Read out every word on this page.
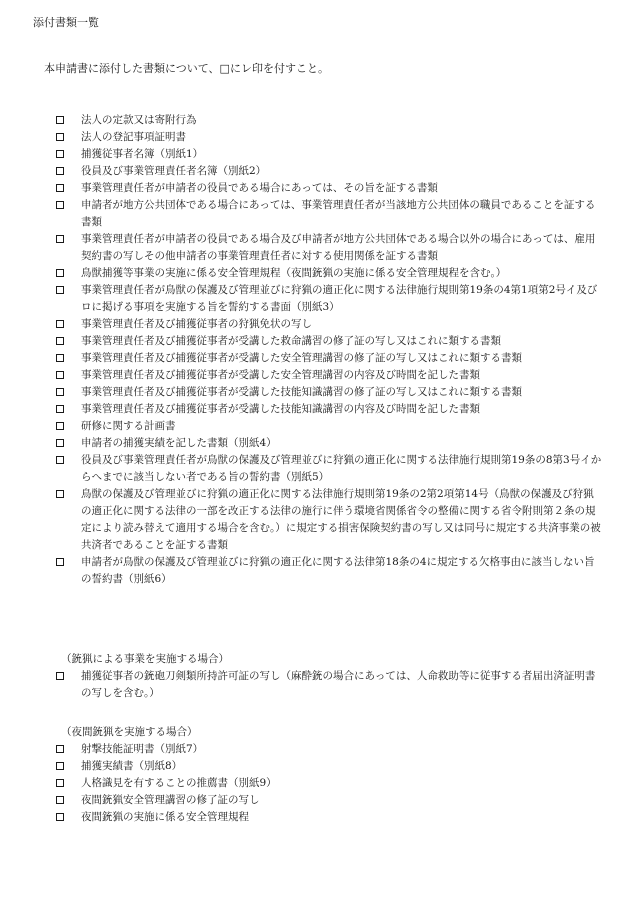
添付書類一覧
本申請書に添付した書類について、□にレ印を付すこと。
法人の定款又は寄附行為
法人の登記事項証明書
捕獲従事者名簿（別紙1）
役員及び事業管理責任者名簿（別紙2）
事業管理責任者が申請者の役員である場合にあっては、その旨を証する書類
申請者が地方公共団体である場合にあっては、事業管理責任者が当該地方公共団体の職員であることを証する書類
事業管理責任者が申請者の役員である場合及び申請者が地方公共団体である場合以外の場合にあっては、雇用契約書の写しその他申請者の事業管理責任者に対する使用関係を証する書類
鳥獣捕獲等事業の実施に係る安全管理規程（夜間銃猟の実施に係る安全管理規程を含む。）
事業管理責任者が鳥獣の保護及び管理並びに狩猟の適正化に関する法律施行規則第19条の4第1項第2号イ及びロに掲げる事項を実施する旨を誓約する書面（別紙3）
事業管理責任者及び捕獲従事者の狩猟免状の写し
事業管理責任者及び捕獲従事者が受講した救命講習の修了証の写し又はこれに類する書類
事業管理責任者及び捕獲従事者が受講した安全管理講習の修了証の写し又はこれに類する書類
事業管理責任者及び捕獲従事者が受講した安全管理講習の内容及び時間を記した書類
事業管理責任者及び捕獲従事者が受講した技能知識講習の修了証の写し又はこれに類する書類
事業管理責任者及び捕獲従事者が受講した技能知識講習の内容及び時間を記した書類
研修に関する計画書
申請者の捕獲実績を記した書類（別紙4）
役員及び事業管理責任者が鳥獣の保護及び管理並びに狩猟の適正化に関する法律施行規則第19条の8第3号イからへまでに該当しない者である旨の誓約書（別紙5）
鳥獣の保護及び管理並びに狩猟の適正化に関する法律施行規則第19条の2第2項第14号（鳥獣の保護及び狩猟の適正化に関する法律の一部を改正する法律の施行に伴う環境省関係省令の整備に関する省令附則第２条の規定により読み替えて適用する場合を含む。）に規定する損害保険契約書の写し又は同号に規定する共済事業の被共済者であることを証する書類
申請者が鳥獣の保護及び管理並びに狩猟の適正化に関する法律第18条の4に規定する欠格事由に該当しない旨の誓約書（別紙6）
（銃猟による事業を実施する場合）
捕獲従事者の銃砲刀剣類所持許可証の写し（麻酔銃の場合にあっては、人命救助等に従事する者届出済証明書の写しを含む。）
（夜間銃猟を実施する場合）
射撃技能証明書（別紙7）
捕獲実績書（別紙8）
人格識見を有することの推薦書（別紙9）
夜間銃猟安全管理講習の修了証の写し
夜間銃猟の実施に係る安全管理規程
